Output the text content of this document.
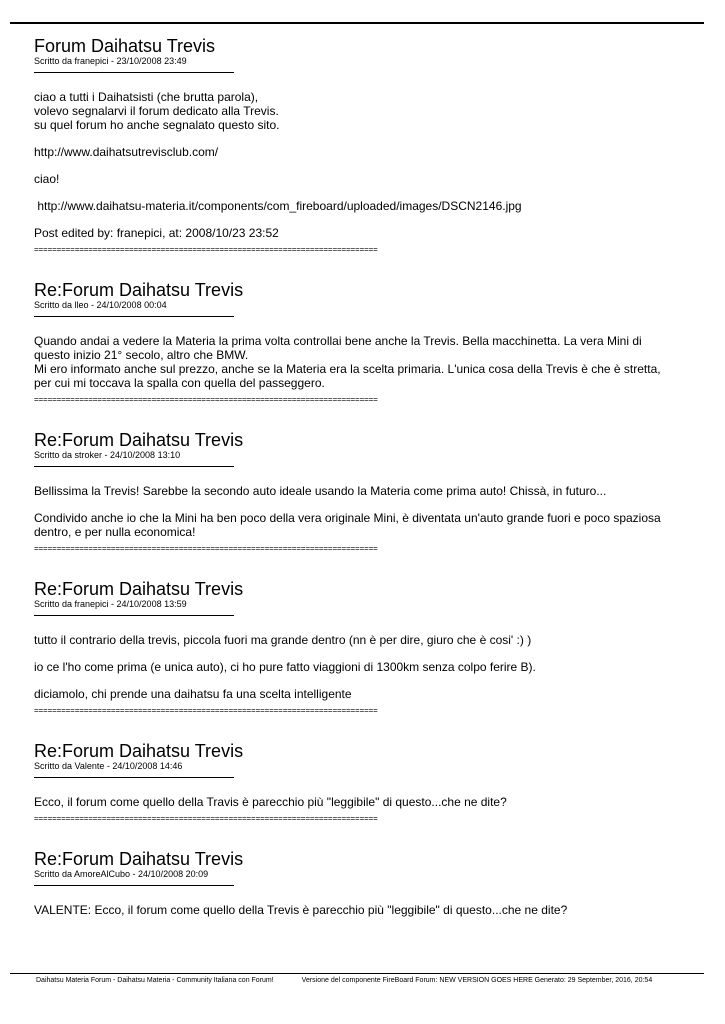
Forum Daihatsu Trevis
Scritto da franepici - 23/10/2008 23:49

ciao a tutti i Daihatsisti (che brutta parola),
volevo segnalarvi il forum dedicato alla Trevis.
su quel forum ho anche segnalato questo sito.

http://www.daihatsutrevisclub.com/

ciao!

http://www.daihatsu-materia.it/components/com_fireboard/uploaded/images/DSCN2146.jpg

Post edited by: franepici, at: 2008/10/23 23:52

============================================================================
Re:Forum Daihatsu Trevis
Scritto da lleo - 24/10/2008 00:04

Quando andai a vedere la Materia la prima volta controllai bene anche la Trevis. Bella macchinetta. La vera Mini di questo inizio 21° secolo, altro che BMW.
Mi ero informato anche sul prezzo, anche se la Materia era la scelta primaria. L'unica cosa della Trevis è che è stretta, per cui mi toccava la spalla con quella del passeggero.

============================================================================
Re:Forum Daihatsu Trevis
Scritto da stroker - 24/10/2008 13:10

Bellissima la Trevis! Sarebbe la secondo auto ideale usando la Materia come prima auto! Chissà, in futuro...

Condivido anche io che la Mini ha ben poco della vera originale Mini, è diventata un'auto grande fuori e poco spaziosa dentro, e per nulla economica!

============================================================================
Re:Forum Daihatsu Trevis
Scritto da franepici - 24/10/2008 13:59

tutto il contrario della trevis, piccola fuori ma grande dentro (nn è per dire, giuro che è cosi' :) )

io ce l'ho come prima (e unica auto), ci ho pure fatto viaggioni di 1300km senza colpo ferire B).

diciamolo, chi prende una daihatsu fa una scelta intelligente

============================================================================
Re:Forum Daihatsu Trevis
Scritto da Valente - 24/10/2008 14:46

Ecco, il forum come quello della Travis è parecchio più "leggibile" di questo...che ne dite?

============================================================================
Re:Forum Daihatsu Trevis
Scritto da AmoreAlCubo - 24/10/2008 20:09

VALENTE: Ecco, il forum come quello della Trevis è parecchio più "leggibile" di questo...che ne dite?

Daihatsu Materia Forum - Daihatsu Materia - Community Italiana con Forum!	Versione del componente FireBoard Forum: NEW VERSION GOES HERE Generato: 29 September, 2016, 20:54
